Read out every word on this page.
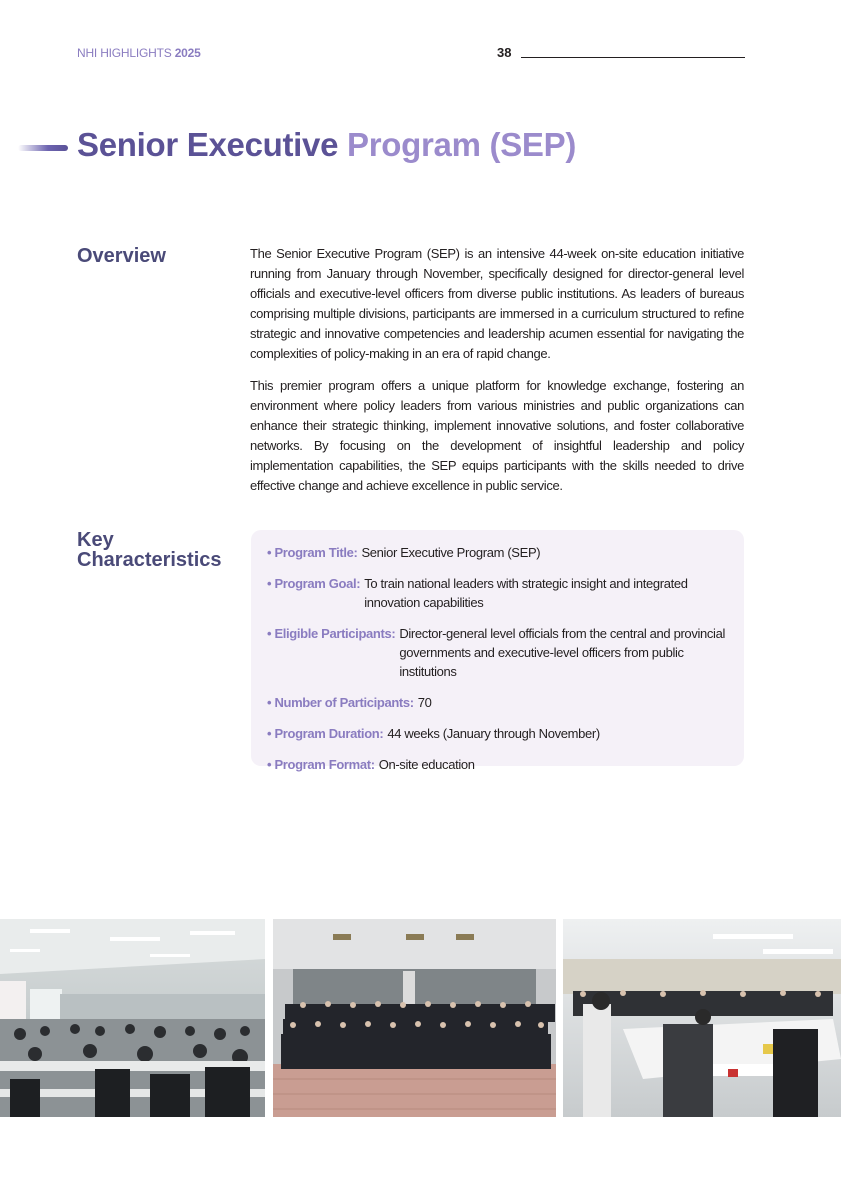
NHI HIGHLIGHTS 2025	38
Senior Executive Program (SEP)
Overview	The Senior Executive Program (SEP) is an intensive 44-week on-site education initiative running from January through November, specifically designed for director-general level officials and executive-level officers from diverse public institutions. As leaders of bureaus comprising multiple divisions, participants are immersed in a curriculum structured to refine strategic and innovative competencies and leadership acumen essential for navigating the complexities of policy-making in an era of rapid change.

This premier program offers a unique platform for knowledge exchange, fostering an environment where policy leaders from various ministries and public organizations can enhance their strategic thinking, implement innovative solutions, and foster collaborative networks. By focusing on the development of insightful leadership and policy implementation capabilities, the SEP equips participants with the skills needed to drive effective change and achieve excellence in public service.

Key
Characteristics	• Program Title: Senior Executive Program (SEP)
• Program Goal: To train national leaders with strategic insight and integrated innovation capabilities
• Eligible Participants: Director-general level officials from the central and provincial governments and executive-level officers from public institutions
• Number of Participants: 70
• Program Duration: 44 weeks (January through November)
• Program Format: On-site education
